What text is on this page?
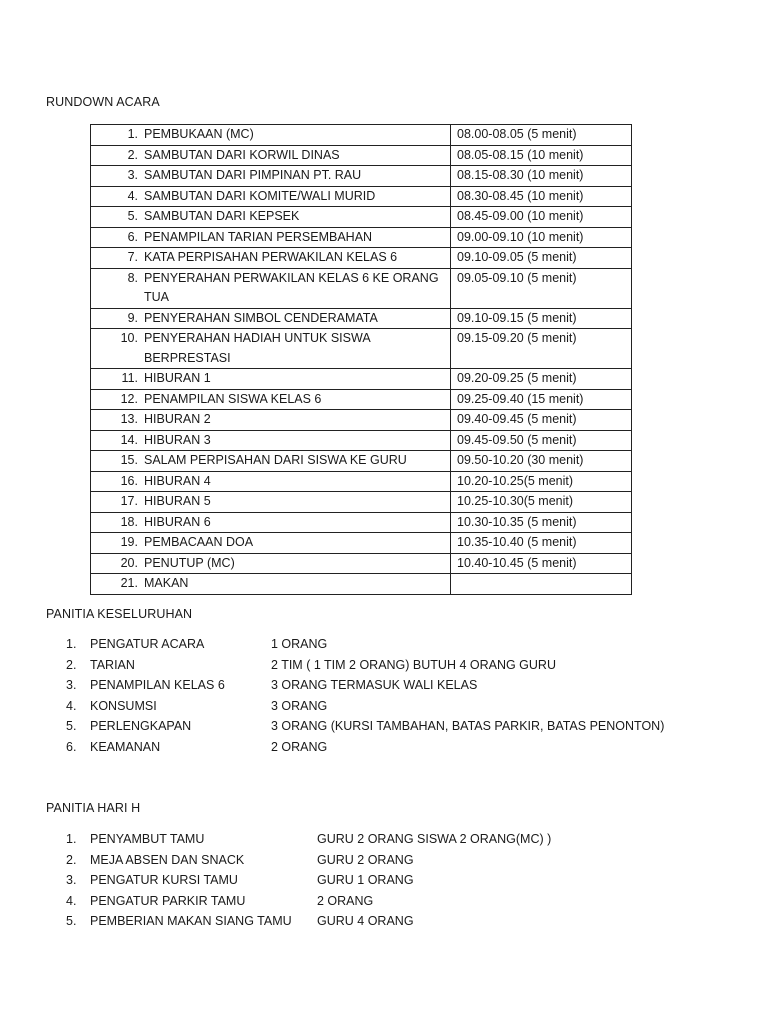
RUNDOWN ACARA
1. PEMBUKAAN (MC)	08.00-08.05 (5 menit)

2. SAMBUTAN DARI KORWIL DINAS	08.05-08.15 (10 menit)

3. SAMBUTAN DARI PIMPINAN PT. RAU	08.15-08.30 (10 menit)

4. SAMBUTAN DARI KOMITE/WALI MURID	08.30-08.45 (10 menit)

5. SAMBUTAN DARI KEPSEK	08.45-09.00 (10 menit)

6. PENAMPILAN TARIAN PERSEMBAHAN	09.00-09.10 (10 menit)

7. KATA PERPISAHAN PERWAKILAN KELAS 6	09.10-09.05 (5 menit)

8. PENYERAHAN PERWAKILAN KELAS 6 KE ORANG TUA	09.05-09.10 (5 menit)

9. PENYERAHAN SIMBOL CENDERAMATA	09.10-09.15 (5 menit)

10. PENYERAHAN HADIAH UNTUK SISWA BERPRESTASI	09.15-09.20 (5 menit)

11. HIBURAN 1	09.20-09.25 (5 menit)

12. PENAMPILAN SISWA KELAS 6	09.25-09.40 (15 menit)

13. HIBURAN 2	09.40-09.45 (5 menit)

14. HIBURAN 3	09.45-09.50 (5 menit)

15. SALAM PERPISAHAN DARI SISWA KE GURU	09.50-10.20 (30 menit)

16. HIBURAN 4	10.20-10.25(5 menit)

17. HIBURAN 5	10.25-10.30(5 menit)

18. HIBURAN 6	10.30-10.35 (5 menit)

19. PEMBACAAN DOA	10.35-10.40 (5 menit)

20. PENUTUP (MC)	10.40-10.45 (5 menit)

21. MAKAN	

PANITIA KESELURUHAN
1. PENGATUR ACARA	1 ORANG
2. TARIAN	2 TIM ( 1 TIM 2 ORANG) BUTUH 4 ORANG GURU
3. PENAMPILAN KELAS 6	3 ORANG TERMASUK WALI KELAS
4. KONSUMSI	3 ORANG
5. PERLENGKAPAN	3 ORANG (KURSI TAMBAHAN, BATAS PARKIR, BATAS PENONTON)
6. KEAMANAN	2 ORANG
PANITIA HARI H
1. PENYAMBUT TAMU	GURU 2 ORANG SISWA 2 ORANG(MC) )
2. MEJA ABSEN DAN SNACK	GURU 2 ORANG
3. PENGATUR KURSI TAMU	GURU 1 ORANG
4. PENGATUR PARKIR TAMU	2 ORANG
5. PEMBERIAN MAKAN SIANG TAMU GURU 4 ORANG
